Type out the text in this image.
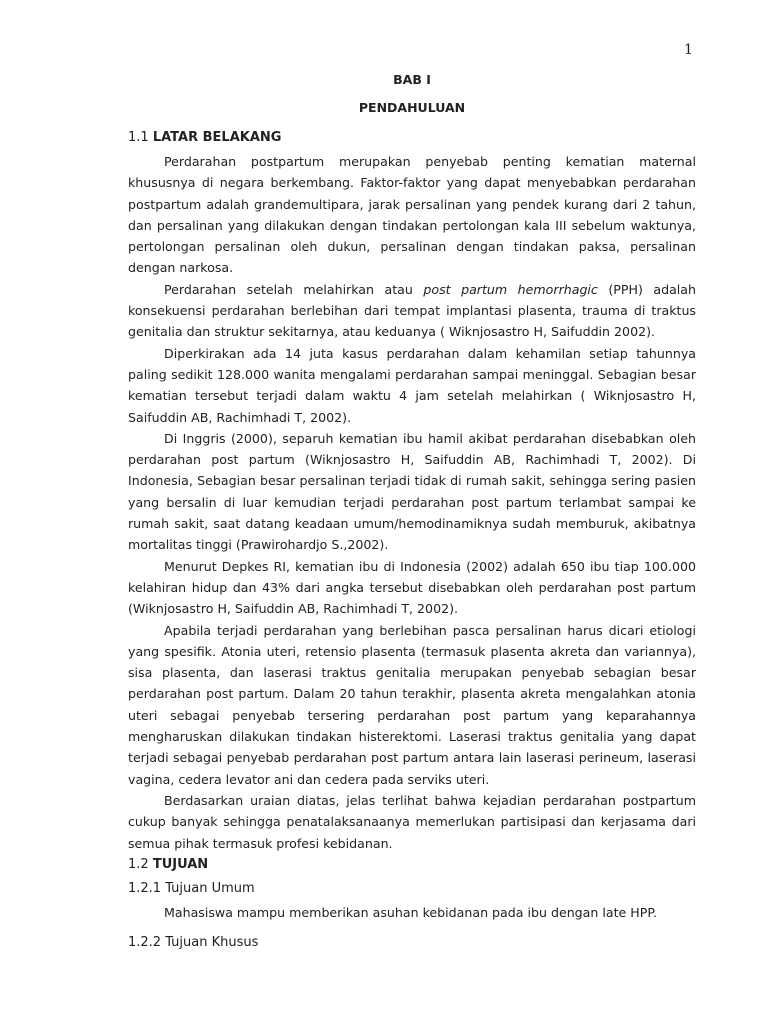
1
BAB I
PENDAHULUAN
1.1 LATAR BELAKANG

Perdarahan postpartum merupakan penyebab penting kematian maternal khususnya di negara berkembang. Faktor-faktor yang dapat menyebabkan perdarahan postpartum adalah grandemultipara, jarak persalinan yang pendek kurang dari 2 tahun, dan persalinan yang dilakukan dengan tindakan pertolongan kala III sebelum waktunya, pertolongan persalinan oleh dukun, persalinan dengan tindakan paksa, persalinan dengan narkosa.

Perdarahan setelah melahirkan atau post partum hemorrhagic (PPH) adalah konsekuensi perdarahan berlebihan dari tempat implantasi plasenta, trauma di traktus genitalia dan struktur sekitarnya, atau keduanya ( Wiknjosastro H, Saifuddin 2002).

Diperkirakan ada 14 juta kasus perdarahan dalam kehamilan setiap tahunnya paling sedikit 128.000 wanita mengalami perdarahan sampai meninggal. Sebagian besar kematian tersebut terjadi dalam waktu 4 jam setelah melahirkan ( Wiknjosastro H, Saifuddin AB, Rachimhadi T, 2002).

Di Inggris (2000), separuh kematian ibu hamil akibat perdarahan disebabkan oleh perdarahan post partum (Wiknjosastro H, Saifuddin AB, Rachimhadi T, 2002). Di Indonesia, Sebagian besar persalinan terjadi tidak di rumah sakit, sehingga sering pasien yang bersalin di luar kemudian terjadi perdarahan post partum terlambat sampai ke rumah sakit, saat datang keadaan umum/hemodinamiknya sudah memburuk, akibatnya mortalitas tinggi (Prawirohardjo S.,2002).

Menurut Depkes RI, kematian ibu di Indonesia (2002) adalah 650 ibu tiap 100.000 kelahiran hidup dan 43% dari angka tersebut disebabkan oleh perdarahan post partum (Wiknjosastro H, Saifuddin AB, Rachimhadi T, 2002).

Apabila terjadi perdarahan yang berlebihan pasca persalinan harus dicari etiologi yang spesifik. Atonia uteri, retensio plasenta (termasuk plasenta akreta dan variannya), sisa plasenta, dan laserasi traktus genitalia merupakan penyebab sebagian besar perdarahan post partum. Dalam 20 tahun terakhir, plasenta akreta mengalahkan atonia uteri sebagai penyebab tersering perdarahan post partum yang keparahannya mengharuskan dilakukan tindakan histerektomi. Laserasi traktus genitalia yang dapat terjadi sebagai penyebab perdarahan post partum antara lain laserasi perineum, laserasi vagina, cedera levator ani dan cedera pada serviks uteri.

Berdasarkan uraian diatas, jelas terlihat bahwa kejadian perdarahan postpartum cukup banyak sehingga penatalaksanaanya memerlukan partisipasi dan kerjasama dari semua pihak termasuk profesi kebidanan.

1.2 TUJUAN
1.2.1 Tujuan Umum
Mahasiswa mampu memberikan asuhan kebidanan pada ibu dengan late HPP.
1.2.2 Tujuan Khusus
